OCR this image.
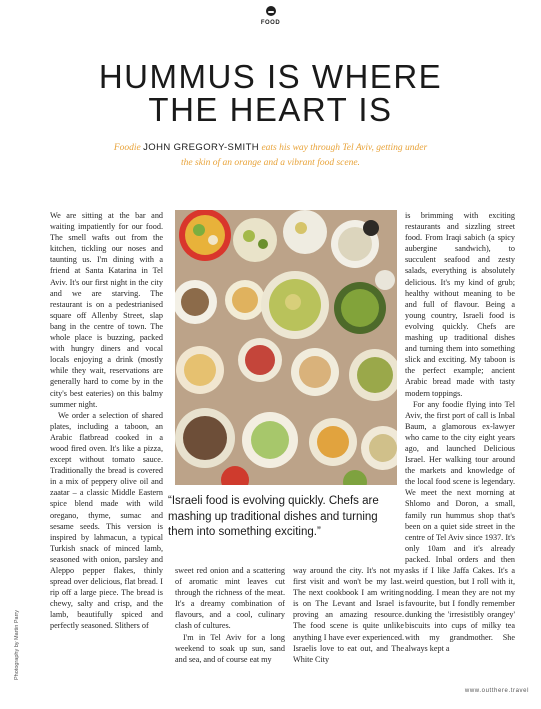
FOOD
HUMMUS IS WHERE
THE HEART IS
Foodie JOHN GREGORY-SMITH eats his way through Tel Aviv, getting under the skin of an orange and a vibrant food scene.

We are sitting at the bar and waiting impatiently for our food. The smell wafts out from the kitchen, tickling our noses and taunting us. I'm dining with a friend at Santa Katarina in Tel Aviv. It's our first night in the city and we are starving. The restaurant is on a pedestrianised square off Allenby Street, slap bang in the centre of town. The whole place is buzzing, packed with hungry diners and vocal locals enjoying a drink (mostly while they wait, reservations are generally hard to come by in the city's best eateries) on this balmy summer night.

We order a selection of shared plates, including a taboon, an Arabic flatbread cooked in a wood fired oven. It's like a pizza, except without tomato sauce. Traditionally the bread is covered in a mix of peppery olive oil and zaatar – a classic Middle Eastern spice blend made with wild oregano, thyme, sumac and sesame seeds. This version is inspired by lahmacun, a typical Turkish snack of minced lamb, seasoned with onion, parsley and Aleppo pepper flakes, thinly spread over delicious, flat bread. I rip off a large piece. The bread is chewy, salty and crisp, and the lamb, beautifully spiced and perfectly seasoned. Slithers of

“Israeli food is evolving quickly. Chefs are mashing up traditional dishes and turning them into something exciting.”

sweet red onion and a scattering of aromatic mint leaves cut through the richness of the meat. It's a dreamy combination of flavours, and a cool, culinary clash of cultures.

I'm in Tel Aviv for a long weekend to soak up sun, sand and sea, and of course eat my

way around the city. It's not my first visit and won't be my last. The next cookbook I am writing is on The Levant and Israel is proving an amazing resource. The food scene is quite unlike anything I have ever experienced. Israelis love to eat out, and The White City

is brimming with exciting restaurants and sizzling street food. From Iraqi sabich (a spicy aubergine sandwich), to succulent seafood and zesty salads, everything is absolutely delicious. It's my kind of grub; healthy without meaning to be and full of flavour. Being a young country, Israeli food is evolving quickly. Chefs are mashing up traditional dishes and turning them into something slick and exciting. My taboon is the perfect example; ancient Arabic bread made with tasty modern toppings.

For any foodie flying into Tel Aviv, the first port of call is Inbal Baum, a glamorous ex-lawyer who came to the city eight years ago, and launched Delicious Israel. Her walking tour around the markets and knowledge of the local food scene is legendary. We meet the next morning at Shlomo and Doron, a small, family run hummus shop that's been on a quiet side street in the centre of Tel Aviv since 1937. It's only 10am and it's already packed. Inbal orders and then asks if I like Jaffa Cakes. It's a weird question, but I roll with it, nodding. I mean they are not my favourite, but I fondly remember dunking the 'irresistibly orangey' biscuits into cups of milky tea with my grandmother. She always kept a

Photography by Martin Parry
www.outthere.travel
